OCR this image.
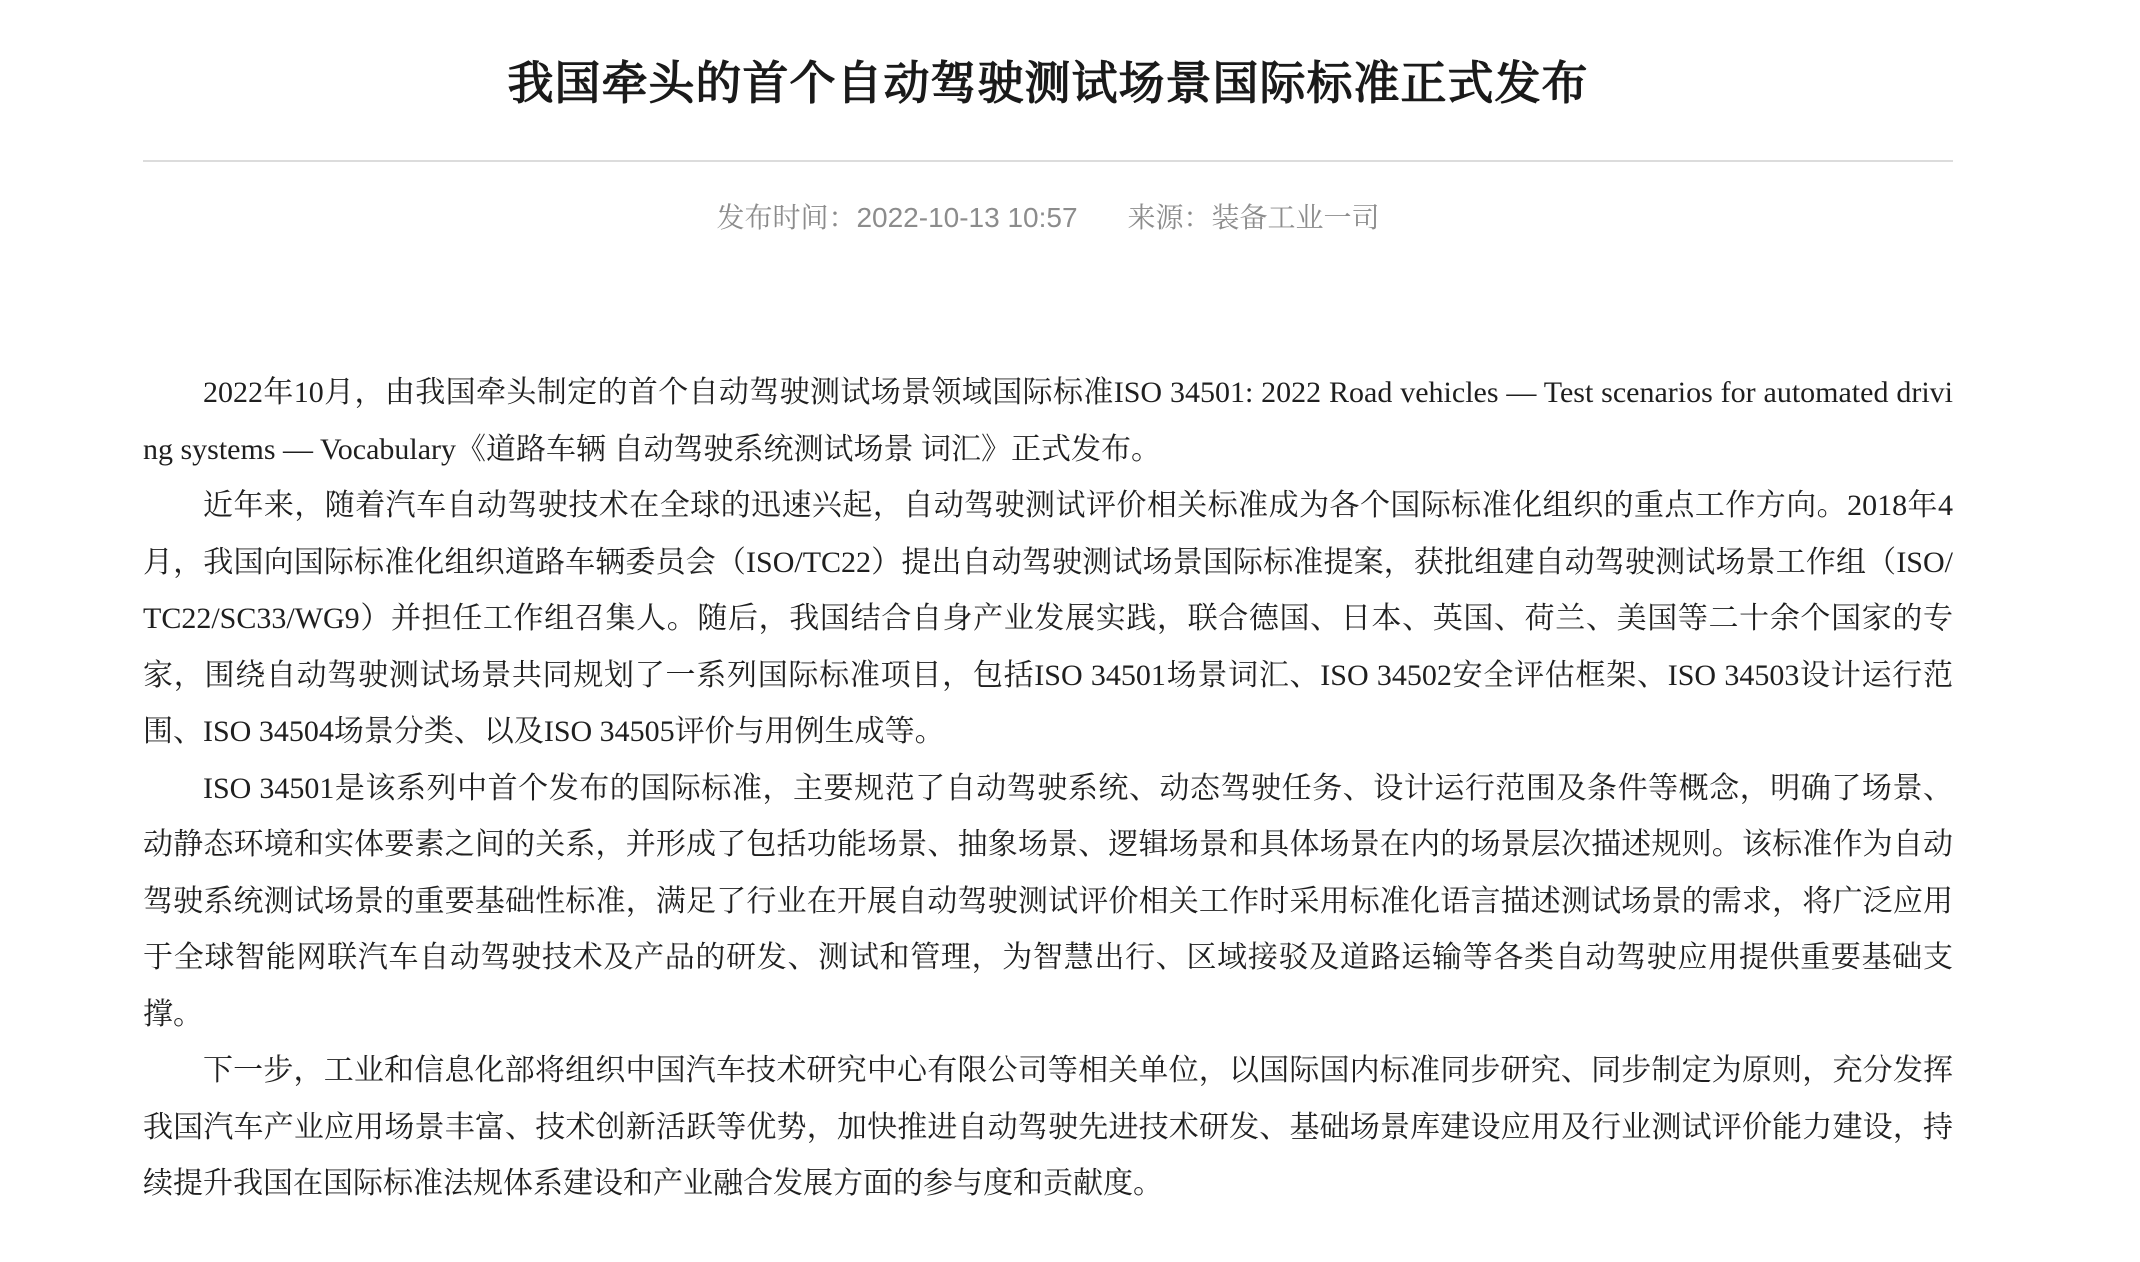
我国牵头的首个自动驾驶测试场景国际标准正式发布
发布时间：2022-10-13 10:57 来源：装备工业一司

2022年10月，由我国牵头制定的首个自动驾驶测试场景领域国际标准ISO 34501: 2022 Road vehicles — Test scenarios for automated driving systems — Vocabulary《道路车辆 自动驾驶系统测试场景 词汇》正式发布。

近年来，随着汽车自动驾驶技术在全球的迅速兴起，自动驾驶测试评价相关标准成为各个国际标准化组织的重点工作方向。2018年4月，我国向国际标准化组织道路车辆委员会（ISO/TC22）提出自动驾驶测试场景国际标准提案，获批组建自动驾驶测试场景工作组（ISO/TC22/SC33/WG9）并担任工作组召集人。随后，我国结合自身产业发展实践，联合德国、日本、英国、荷兰、美国等二十余个国家的专家，围绕自动驾驶测试场景共同规划了一系列国际标准项目，包括ISO 34501场景词汇、ISO 34502安全评估框架、ISO 34503设计运行范围、ISO 34504场景分类、以及ISO 34505评价与用例生成等。

ISO 34501是该系列中首个发布的国际标准，主要规范了自动驾驶系统、动态驾驶任务、设计运行范围及条件等概念，明确了场景、动静态环境和实体要素之间的关系，并形成了包括功能场景、抽象场景、逻辑场景和具体场景在内的场景层次描述规则。该标准作为自动驾驶系统测试场景的重要基础性标准，满足了行业在开展自动驾驶测试评价相关工作时采用标准化语言描述测试场景的需求，将广泛应用于全球智能网联汽车自动驾驶技术及产品的研发、测试和管理，为智慧出行、区域接驳及道路运输等各类自动驾驶应用提供重要基础支撑。

下一步，工业和信息化部将组织中国汽车技术研究中心有限公司等相关单位，以国际国内标准同步研究、同步制定为原则，充分发挥我国汽车产业应用场景丰富、技术创新活跃等优势，加快推进自动驾驶先进技术研发、基础场景库建设应用及行业测试评价能力建设，持续提升我国在国际标准法规体系建设和产业融合发展方面的参与度和贡献度。
